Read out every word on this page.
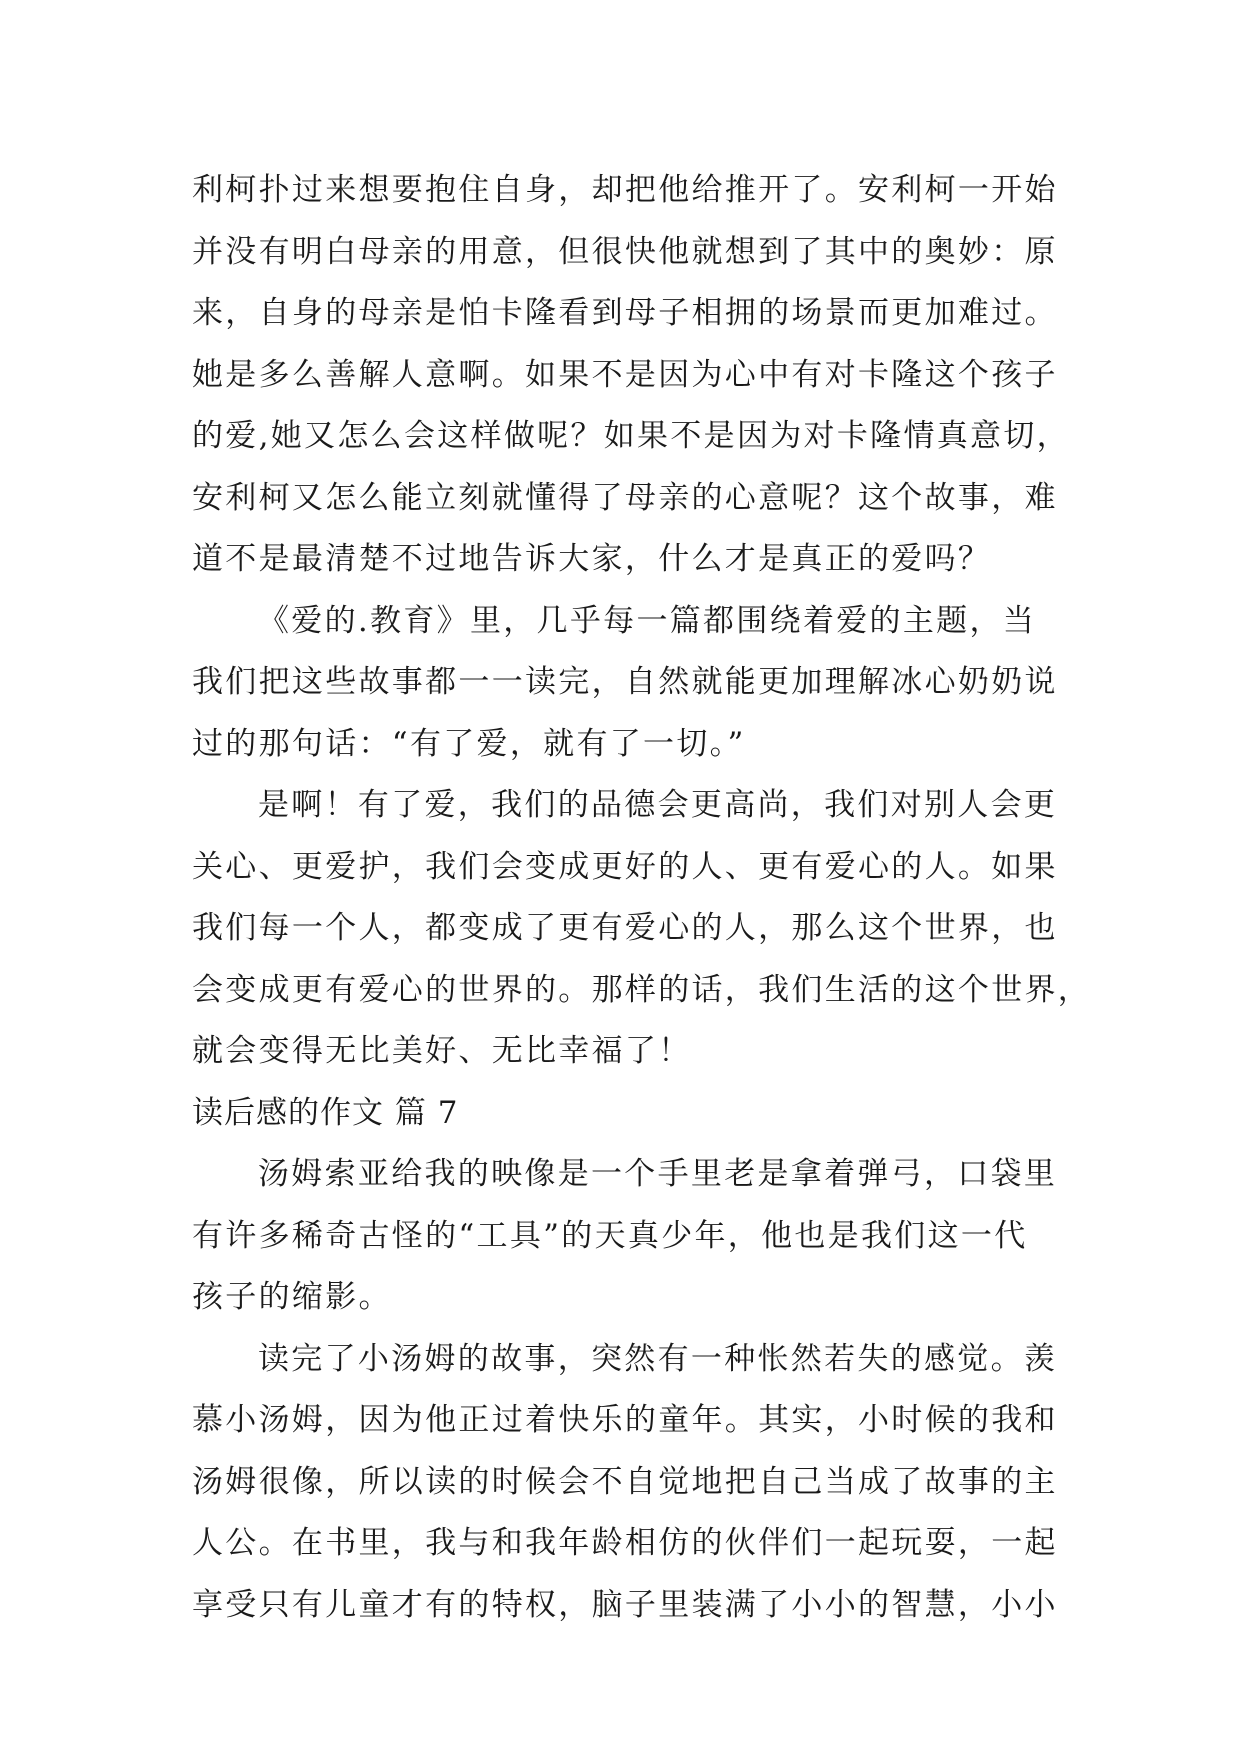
利柯扑过来想要抱住自身，却把他给推开了。安利柯一开始
并没有明白母亲的用意，但很快他就想到了其中的奥妙：原
来，自身的母亲是怕卡隆看到母子相拥的场景而更加难过。
她是多么善解人意啊。如果不是因为心中有对卡隆这个孩子
的爱,她又怎么会这样做呢？如果不是因为对卡隆情真意切，
安利柯又怎么能立刻就懂得了母亲的心意呢？这个故事，难
道不是最清楚不过地告诉大家，什么才是真正的爱吗？
《爱的.教育》里，几乎每一篇都围绕着爱的主题，当
我们把这些故事都一一读完，自然就能更加理解冰心奶奶说
过的那句话：“有了爱，就有了一切。”
是啊！有了爱，我们的品德会更高尚，我们对别人会更
关心、更爱护，我们会变成更好的人、更有爱心的人。如果
我们每一个人，都变成了更有爱心的人，那么这个世界，也
会变成更有爱心的世界的。那样的话，我们生活的这个世界，
就会变得无比美好、无比幸福了！
读后感的作文 篇 7
汤姆索亚给我的映像是一个手里老是拿着弹弓，口袋里
有许多稀奇古怪的“工具”的天真少年，他也是我们这一代
孩子的缩影。
读完了小汤姆的故事，突然有一种怅然若失的感觉。羡
慕小汤姆，因为他正过着快乐的童年。其实，小时候的我和
汤姆很像，所以读的时候会不自觉地把自己当成了故事的主
人公。在书里，我与和我年龄相仿的伙伴们一起玩耍，一起
享受只有儿童才有的特权，脑子里装满了小小的智慧，小小
